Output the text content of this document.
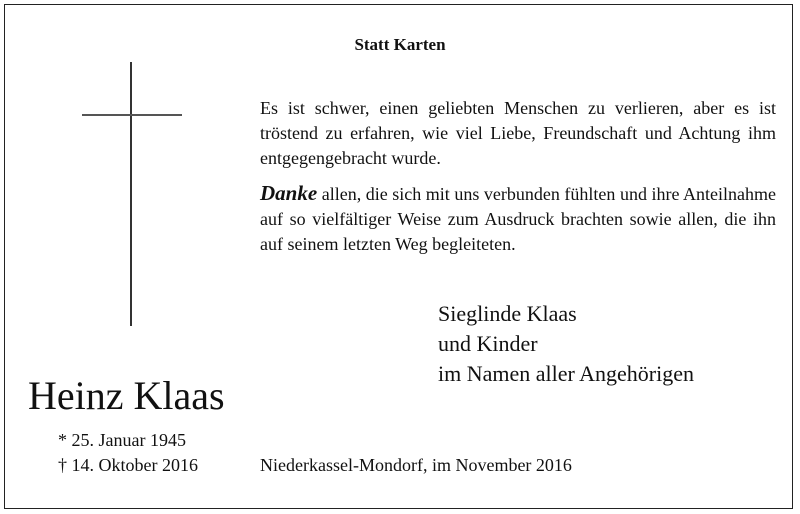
Statt Karten
Es ist schwer, einen geliebten Menschen zu verlieren, aber es ist tröstend zu erfahren, wie viel Liebe, Freundschaft und Achtung ihm entgegengebracht wurde.
Danke allen, die sich mit uns verbunden fühlten und ihre Anteilnahme auf so vielfältiger Weise zum Ausdruck brachten sowie allen, die ihn auf seinem letzten Weg begleiteten.
Sieglinde Klaas
und Kinder
im Namen aller Angehörigen
Heinz Klaas
* 25. Januar 1945
† 14. Oktober 2016	Niederkassel-Mondorf, im November 2016
